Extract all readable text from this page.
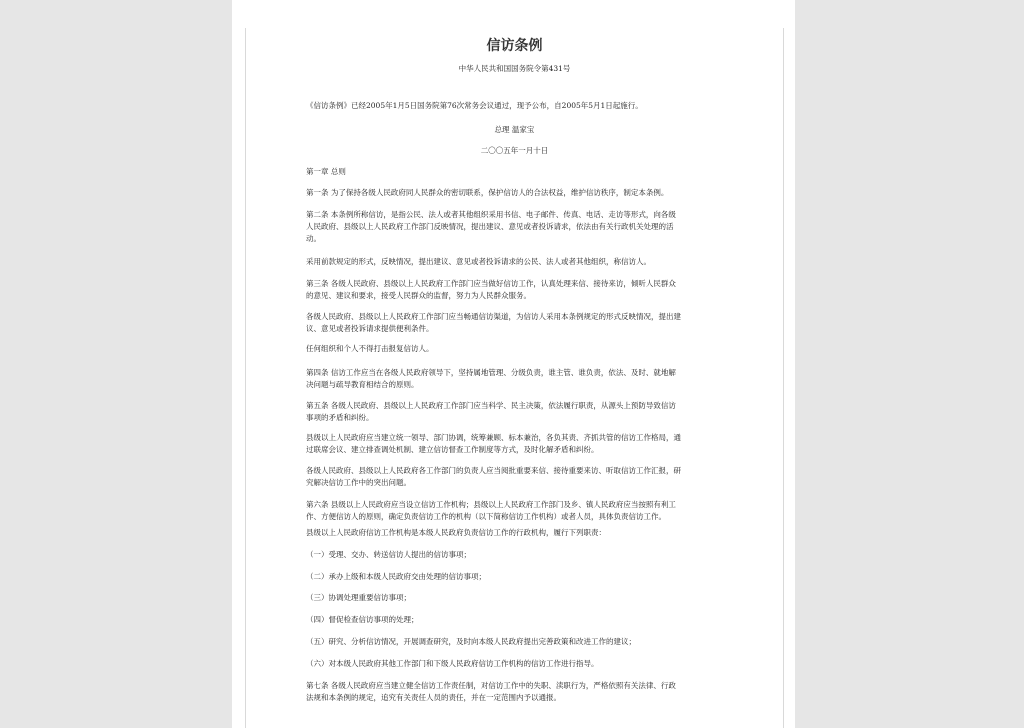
信访条例
中华人民共和国国务院令第431号
《信访条例》已经2005年1月5日国务院第76次常务会议通过，现予公布，自2005年5月1日起施行。
总理 温家宝
二〇〇五年一月十日
第一章 总则
第一条 为了保持各级人民政府同人民群众的密切联系，保护信访人的合法权益，维护信访秩序，制定本条例。
第二条 本条例所称信访，是指公民、法人或者其他组织采用书信、电子邮件、传真、电话、走访等形式，向各级
人民政府、县级以上人民政府工作部门反映情况，提出建议、意见或者投诉请求，依法由有关行政机关处理的活
动。
采用前款规定的形式，反映情况，提出建议、意见或者投诉请求的公民、法人或者其他组织，称信访人。
第三条 各级人民政府、县级以上人民政府工作部门应当做好信访工作，认真处理来信、接待来访，倾听人民群众
的意见、建议和要求，接受人民群众的监督，努力为人民群众服务。
各级人民政府、县级以上人民政府工作部门应当畅通信访渠道，为信访人采用本条例规定的形式反映情况，提出建
议、意见或者投诉请求提供便利条件。
任何组织和个人不得打击报复信访人。
第四条 信访工作应当在各级人民政府领导下，坚持属地管理、分级负责，谁主管、谁负责，依法、及时、就地解
决问题与疏导教育相结合的原则。
第五条 各级人民政府、县级以上人民政府工作部门应当科学、民主决策，依法履行职责，从源头上预防导致信访
事项的矛盾和纠纷。
县级以上人民政府应当建立统一领导、部门协调，统筹兼顾、标本兼治，各负其责、齐抓共管的信访工作格局，通
过联席会议、建立排查调处机制、建立信访督查工作制度等方式，及时化解矛盾和纠纷。
各级人民政府、县级以上人民政府各工作部门的负责人应当阅批重要来信、接待重要来访、听取信访工作汇报，研
究解决信访工作中的突出问题。
第六条 县级以上人民政府应当设立信访工作机构；县级以上人民政府工作部门及乡、镇人民政府应当按照有利工
作、方便信访人的原则，确定负责信访工作的机构（以下简称信访工作机构）或者人员，具体负责信访工作。
县级以上人民政府信访工作机构是本级人民政府负责信访工作的行政机构，履行下列职责：
（一）受理、交办、转送信访人提出的信访事项；
（二）承办上级和本级人民政府交由处理的信访事项；
（三）协调处理重要信访事项；
（四）督促检查信访事项的处理；
（五）研究、分析信访情况，开展调查研究，及时向本级人民政府提出完善政策和改进工作的建议；
（六）对本级人民政府其他工作部门和下级人民政府信访工作机构的信访工作进行指导。
第七条 各级人民政府应当建立健全信访工作责任制，对信访工作中的失职、渎职行为，严格依照有关法律、行政
法规和本条例的规定，追究有关责任人员的责任，并在一定范围内予以通报。
